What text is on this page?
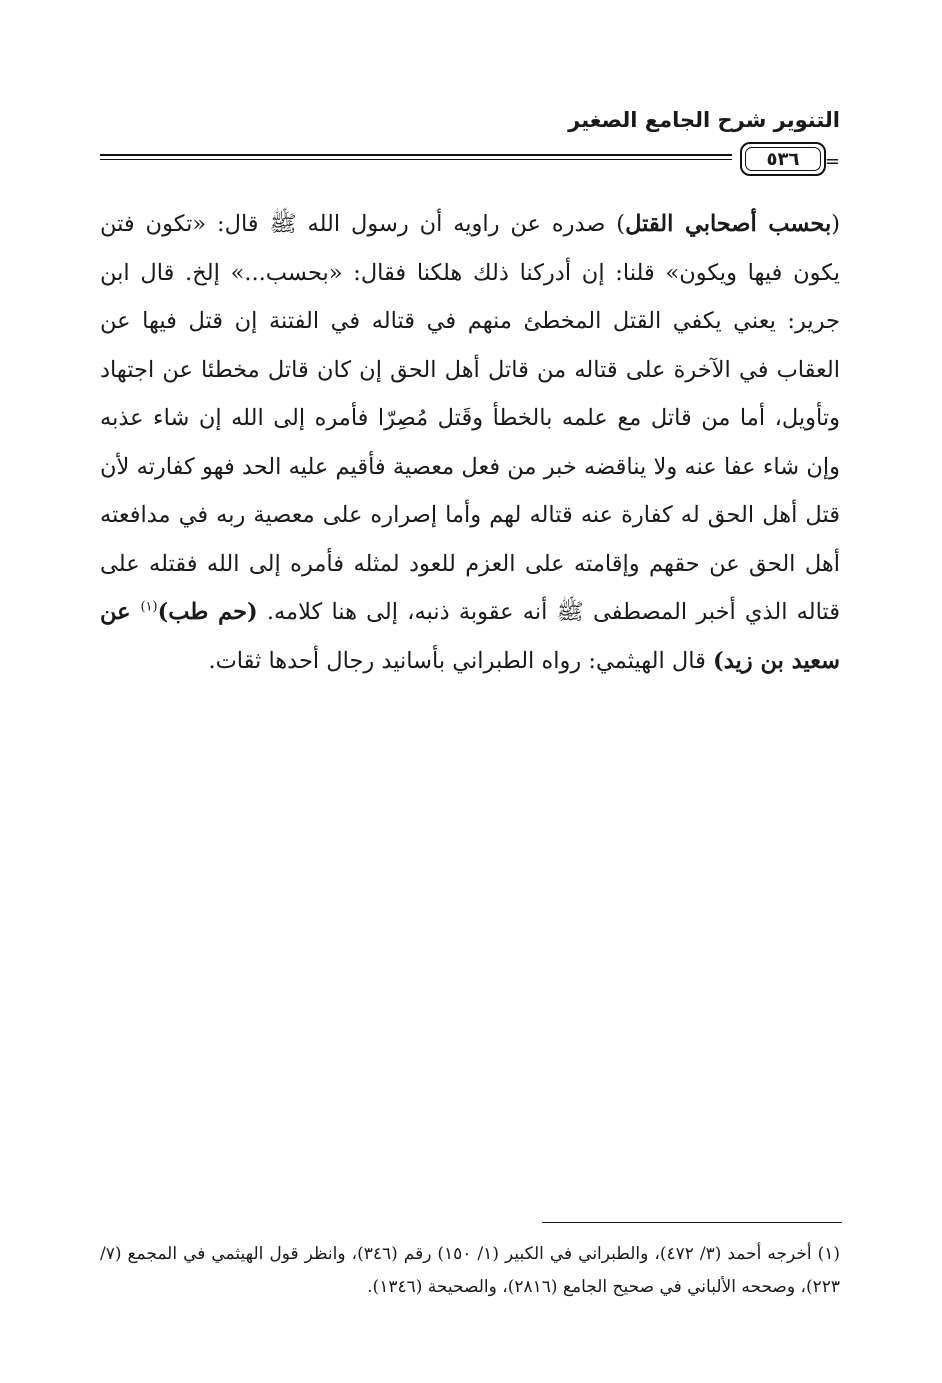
التنوير شرح الجامع الصغير
٥٣٦	=
(بحسب أصحابي القتل) صدره عن راويه أن رسول الله ﷺ قال: «تكون فتن يكون فيها ويكون» قلنا: إن أدركنا ذلك هلكنا فقال: «بحسب...» إلخ. قال ابن جرير: يعني يكفي القتل المخطئ منهم في قتاله في الفتنة إن قتل فيها عن العقاب في الآخرة على قتاله من قاتل أهل الحق إن كان قاتل مخطئا عن اجتهاد وتأويل، أما من قاتل مع علمه بالخطأ وقَتل مُصِرّا فأمره إلى الله إن شاء عذبه وإن شاء عفا عنه ولا يناقضه خبر من فعل معصية فأقيم عليه الحد فهو كفارته لأن قتل أهل الحق له كفارة عنه قتاله لهم وأما إصراره على معصية ربه في مدافعته أهل الحق عن حقهم وإقامته على العزم للعود لمثله فأمره إلى الله فقتله على قتاله الذي أخبر المصطفى ﷺ أنه عقوبة ذنبه، إلى هنا كلامه. (حم طب)$^{(١)}$ عن سعيد بن زيد) قال الهيثمي: رواه الطبراني بأسانيد رجال أحدها ثقات.
(١) أخرجه أحمد (٣/ ٤٧٢)، والطبراني في الكبير (١/ ١٥٠) رقم (٣٤٦)، وانظر قول الهيثمي في المجمع (٧/ ٢٢٣)، وصححه الألباني في صحيح الجامع (٢٨١٦)، والصحيحة (١٣٤٦).
